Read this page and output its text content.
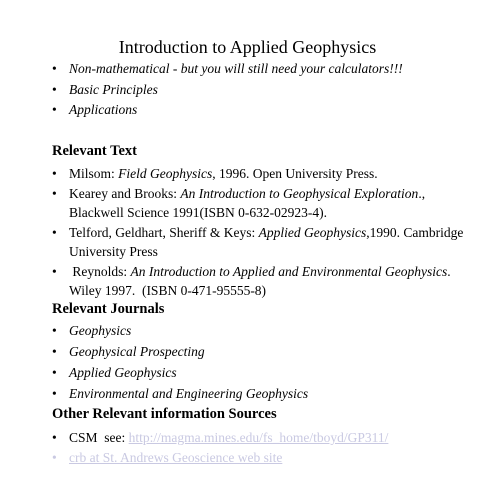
Introduction to Applied Geophysics
• Non-mathematical - but you will still need your calculators!!!
• Basic Principles
• Applications
Relevant Text
• Milsom: Field Geophysics, 1996. Open University Press.
• Kearey and Brooks: An Introduction to Geophysical Exploration., Blackwell Science 1991(ISBN 0-632-02923-4).
• Telford, Geldhart, Sheriff & Keys: Applied Geophysics,1990. Cambridge University Press
• Reynolds: An Introduction to Applied and Environmental Geophysics. Wiley 1997.  (ISBN 0-471-95555-8)
Relevant Journals
• Geophysics
• Geophysical Prospecting
• Applied Geophysics
• Environmental and Engineering Geophysics
Other Relevant information Sources
• CSM  see: http://magma.mines.edu/fs_home/tboyd/GP311/
• crb at St. Andrews Geoscience web site
